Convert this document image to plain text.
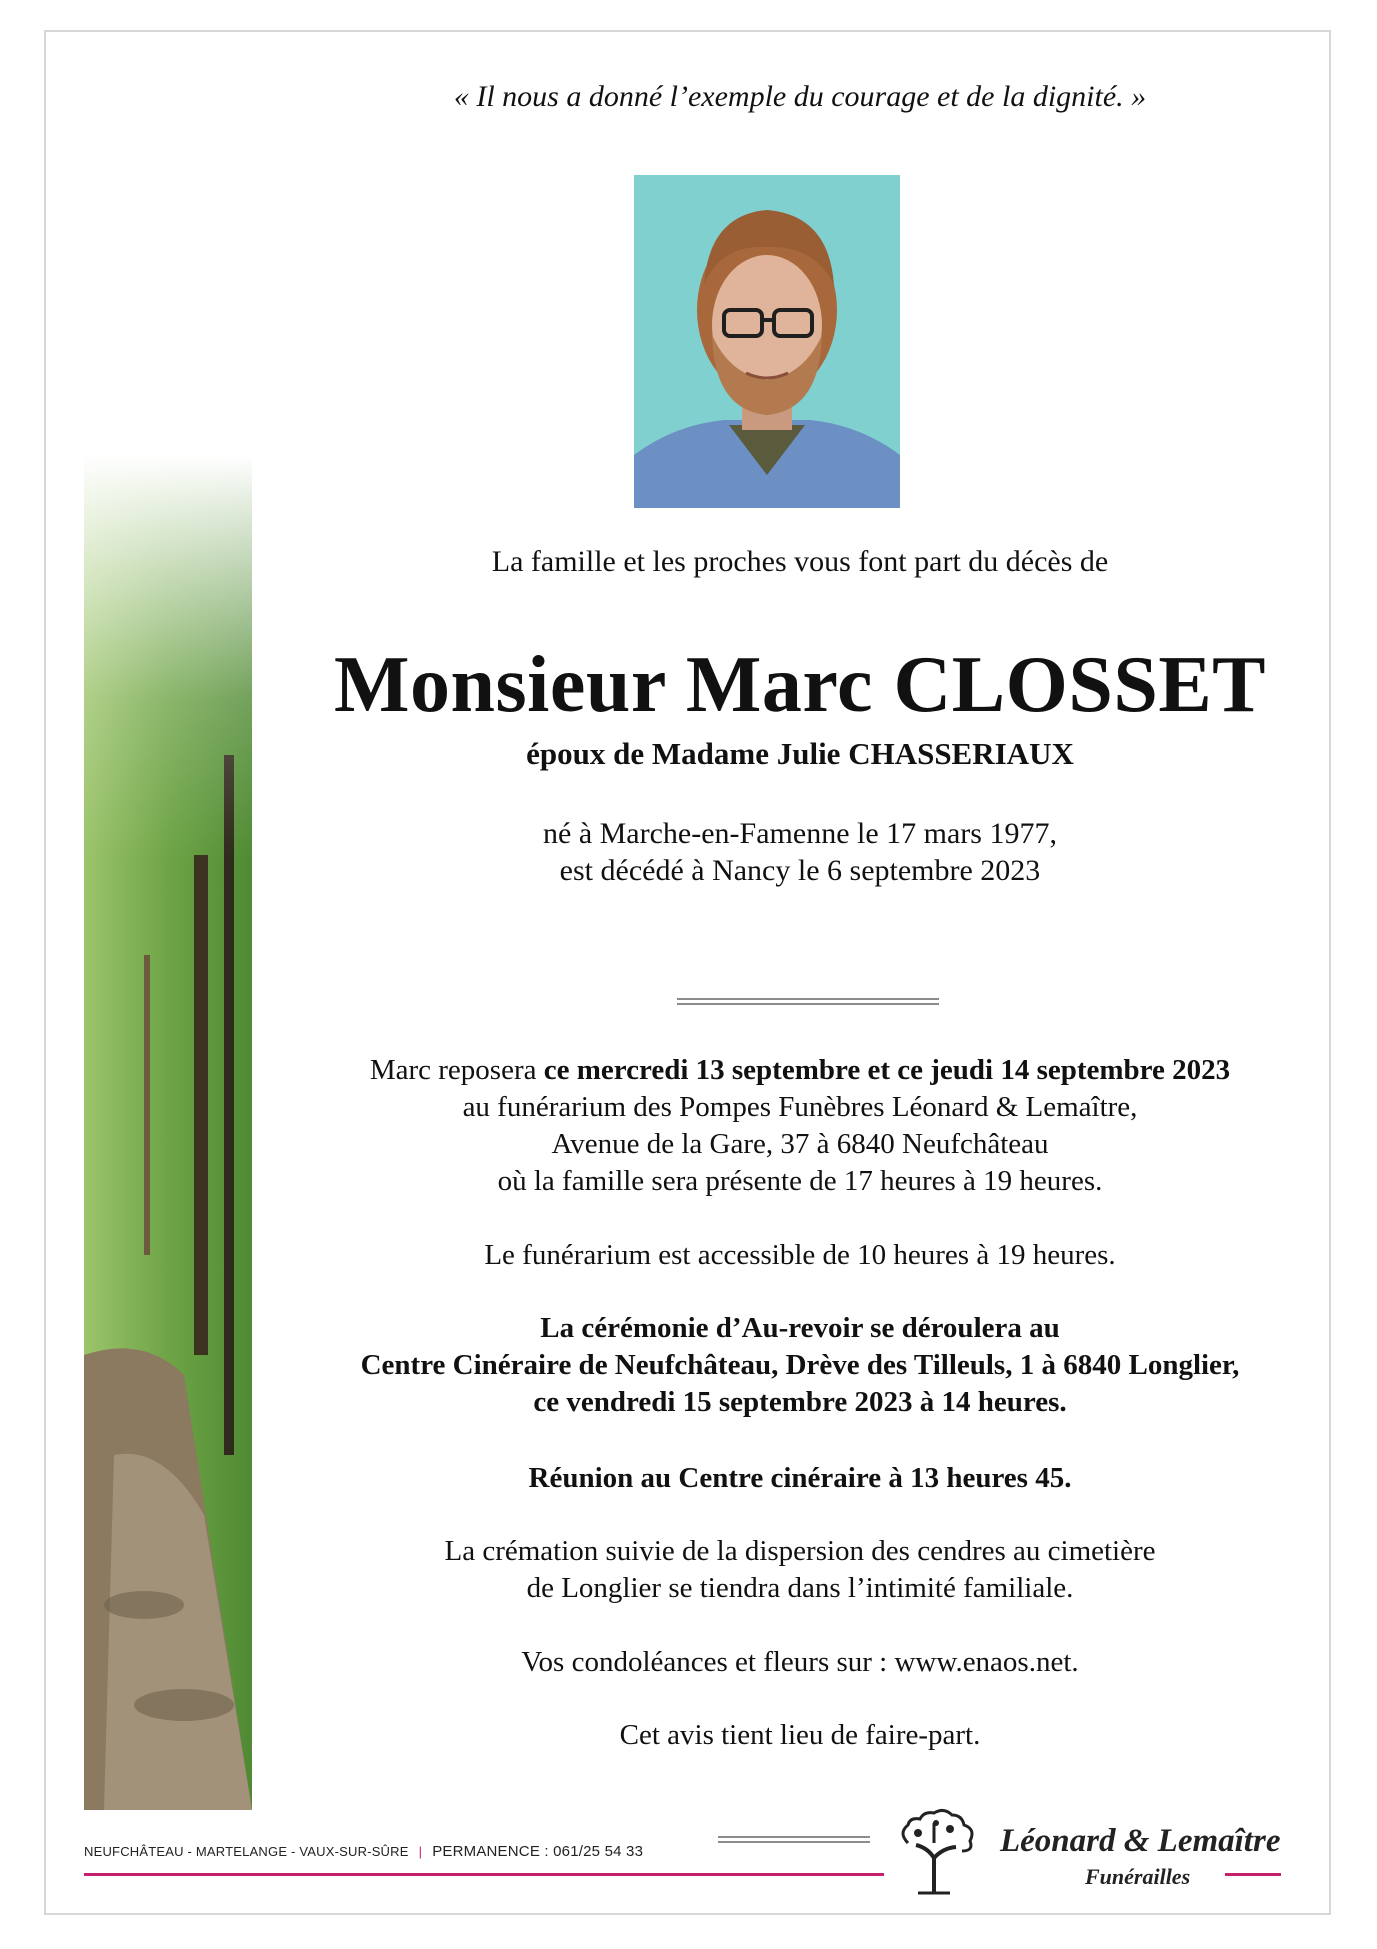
« Il nous a donné l’exemple du courage et de la dignité. »

La famille et les proches vous font part du décès de

Monsieur Marc CLOSSET
époux de Madame Julie CHASSERIAUX

né à Marche-en-Famenne le 17 mars 1977,

est décédé à Nancy le 6 septembre 2023

Marc reposera ce mercredi 13 septembre et ce jeudi 14 septembre 2023

au funérarium des Pompes Funèbres Léonard & Lemaître,

Avenue de la Gare, 37 à 6840 Neufchâteau

où la famille sera présente de 17 heures à 19 heures.

Le funérarium est accessible de 10 heures à 19 heures.

La cérémonie d’Au-revoir se déroulera au

Centre Cinéraire de Neufchâteau, Drève des Tilleuls, 1 à 6840 Longlier,

ce vendredi 15 septembre 2023 à 14 heures.

Réunion au Centre cinéraire à 13 heures 45.

La crémation suivie de la dispersion des cendres au cimetière

de Longlier se tiendra dans l’intimité familiale.

Vos condoléances et fleurs sur : www.enaos.net.

Cet avis tient lieu de faire-part.

NEUFCHÂTEAU - MARTELANGE - VAUX-SUR-SÛRE | PERMANENCE : 061/25 54 33	Léonard & Lemaître
Funérailles
